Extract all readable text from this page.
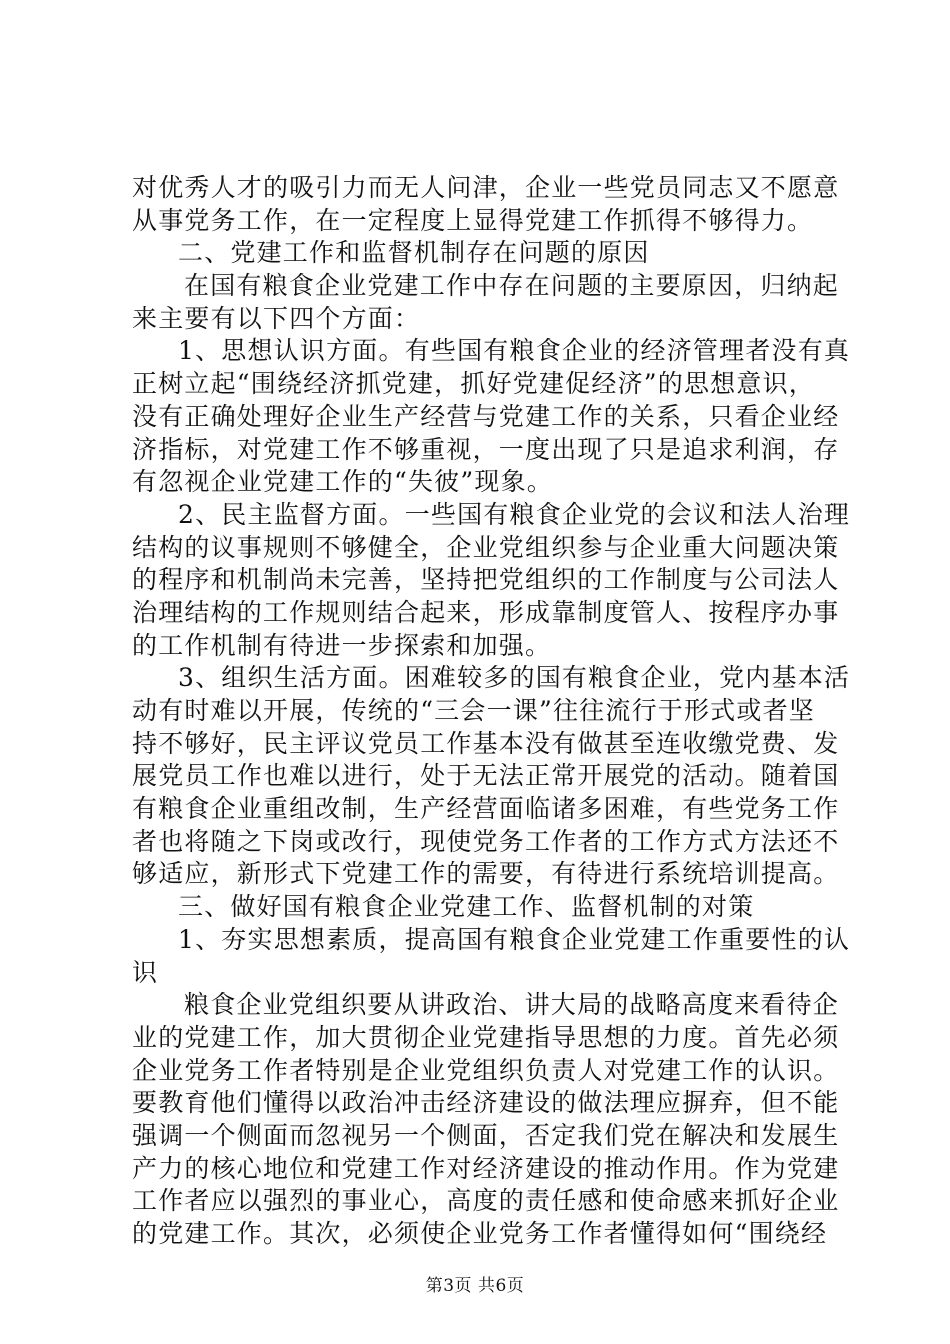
对优秀人才的吸引力而无人问津，企业一些党员同志又不愿意
从事党务工作，在一定程度上显得党建工作抓得不够得力。
二、党建工作和监督机制存在问题的原因
在国有粮食企业党建工作中存在问题的主要原因，归纳起
来主要有以下四个方面：
1、思想认识方面。有些国有粮食企业的经济管理者没有真
正树立起“围绕经济抓党建，抓好党建促经济”的思想意识，
没有正确处理好企业生产经营与党建工作的关系，只看企业经
济指标，对党建工作不够重视，一度出现了只是追求利润，存
有忽视企业党建工作的“失彼”现象。
2、民主监督方面。一些国有粮食企业党的会议和法人治理
结构的议事规则不够健全，企业党组织参与企业重大问题决策
的程序和机制尚未完善，坚持把党组织的工作制度与公司法人
治理结构的工作规则结合起来，形成靠制度管人、按程序办事
的工作机制有待进一步探索和加强。
3、组织生活方面。困难较多的国有粮食企业，党内基本活
动有时难以开展，传统的“三会一课”往往流行于形式或者坚
持不够好，民主评议党员工作基本没有做甚至连收缴党费、发
展党员工作也难以进行，处于无法正常开展党的活动。随着国
有粮食企业重组改制，生产经营面临诸多困难，有些党务工作
者也将随之下岗或改行，现使党务工作者的工作方式方法还不
够适应，新形式下党建工作的需要，有待进行系统培训提高。
三、做好国有粮食企业党建工作、监督机制的对策
1、夯实思想素质，提高国有粮食企业党建工作重要性的认
识
粮食企业党组织要从讲政治、讲大局的战略高度来看待企
业的党建工作，加大贯彻企业党建指导思想的力度。首先必须
企业党务工作者特别是企业党组织负责人对党建工作的认识。
要教育他们懂得以政治冲击经济建设的做法理应摒弃，但不能
强调一个侧面而忽视另一个侧面，否定我们党在解决和发展生
产力的核心地位和党建工作对经济建设的推动作用。作为党建
工作者应以强烈的事业心，高度的责任感和使命感来抓好企业
的党建工作。其次，必须使企业党务工作者懂得如何“围绕经
第3页 共6页
